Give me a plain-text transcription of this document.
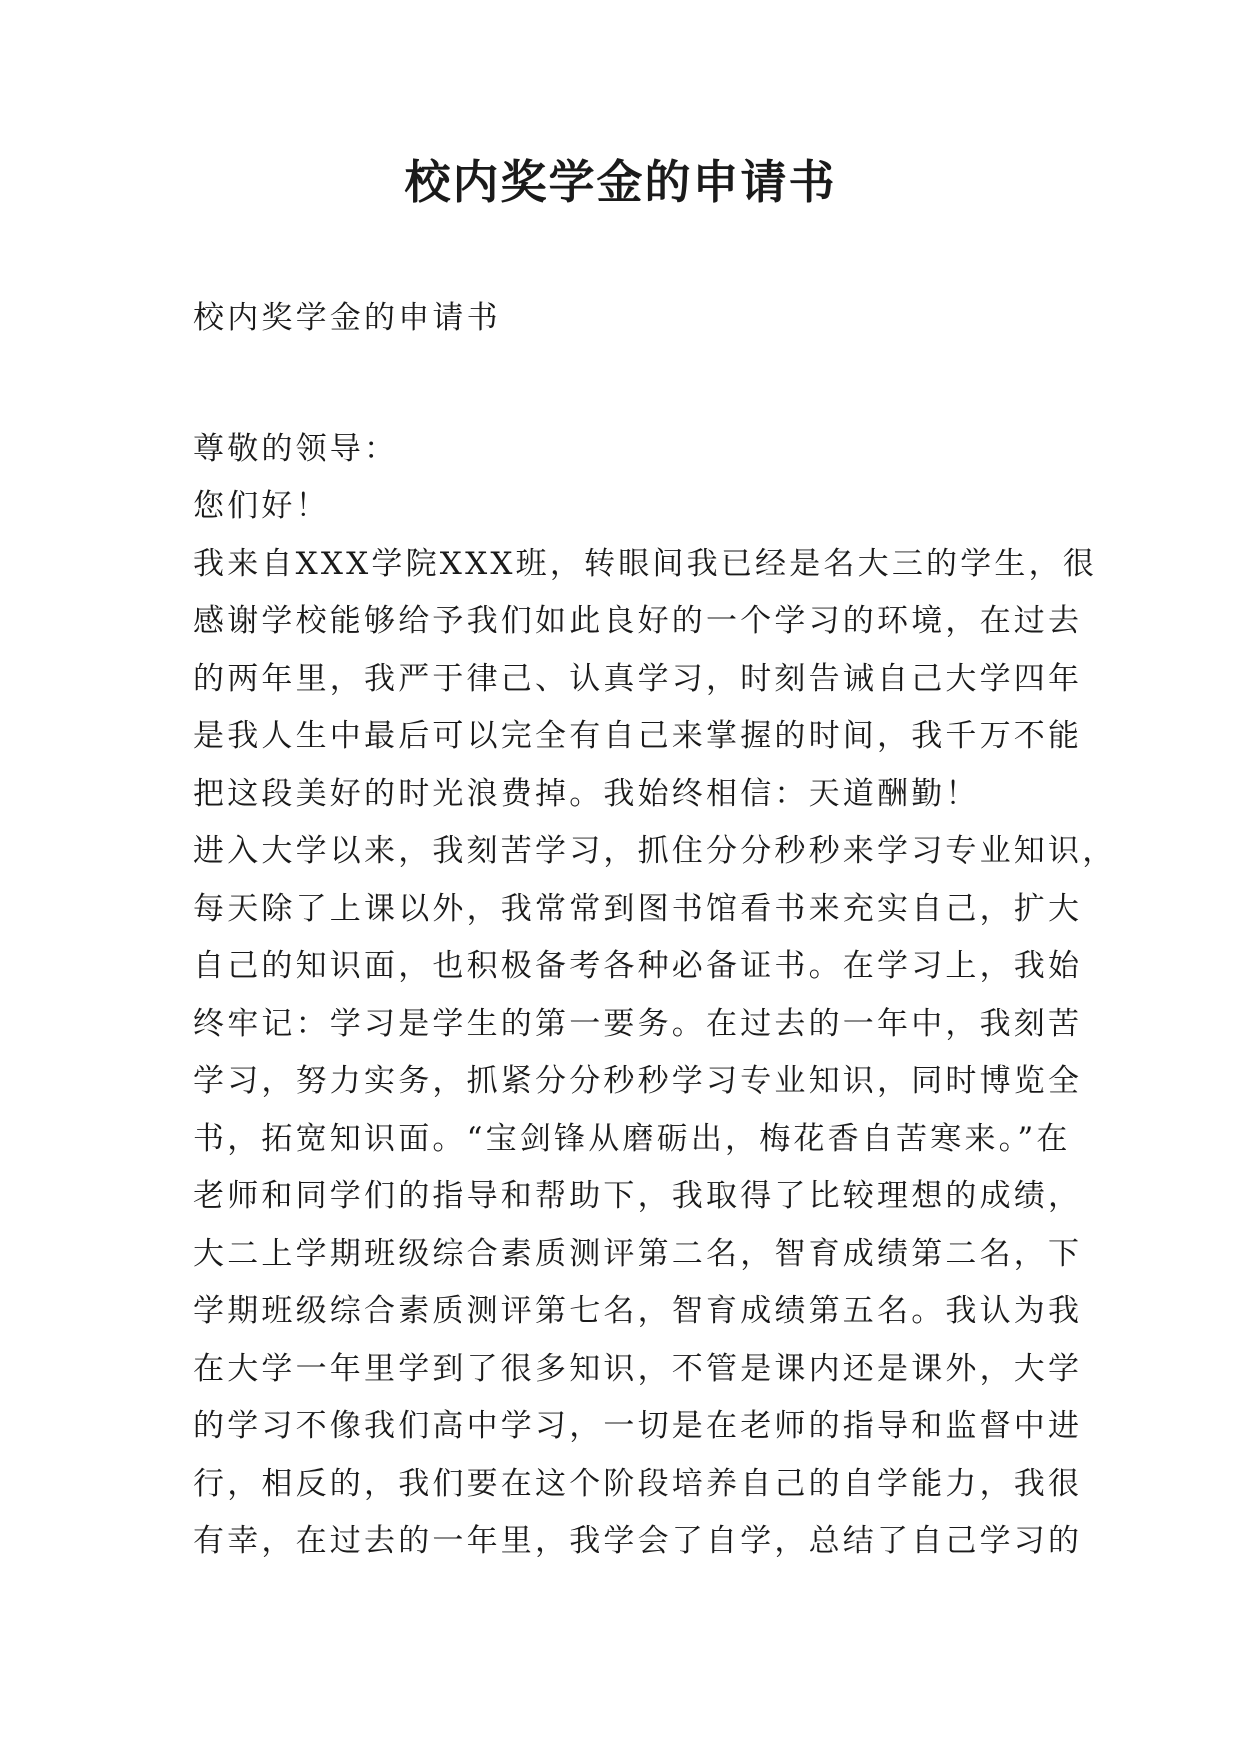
校内奖学金的申请书

校内奖学金的申请书

尊敬的领导：

您们好！

我来自XXX学院XXX班，转眼间我已经是名大三的学生，很

感谢学校能够给予我们如此良好的一个学习的环境，在过去

的两年里，我严于律己、认真学习，时刻告诫自己大学四年

是我人生中最后可以完全有自己来掌握的时间，我千万不能

把这段美好的时光浪费掉。我始终相信：天道酬勤！

进入大学以来，我刻苦学习，抓住分分秒秒来学习专业知识，

每天除了上课以外，我常常到图书馆看书来充实自己，扩大

自己的知识面，也积极备考各种必备证书。在学习上，我始

终牢记：学习是学生的第一要务。在过去的一年中，我刻苦

学习，努力实务，抓紧分分秒秒学习专业知识，同时博览全

书，拓宽知识面。“宝剑锋从磨砺出，梅花香自苦寒来。”在

老师和同学们的指导和帮助下，我取得了比较理想的成绩，

大二上学期班级综合素质测评第二名，智育成绩第二名，下

学期班级综合素质测评第七名，智育成绩第五名。我认为我

在大学一年里学到了很多知识，不管是课内还是课外，大学

的学习不像我们高中学习，一切是在老师的指导和监督中进

行，相反的，我们要在这个阶段培养自己的自学能力，我很

有幸，在过去的一年里，我学会了自学，总结了自己学习的
